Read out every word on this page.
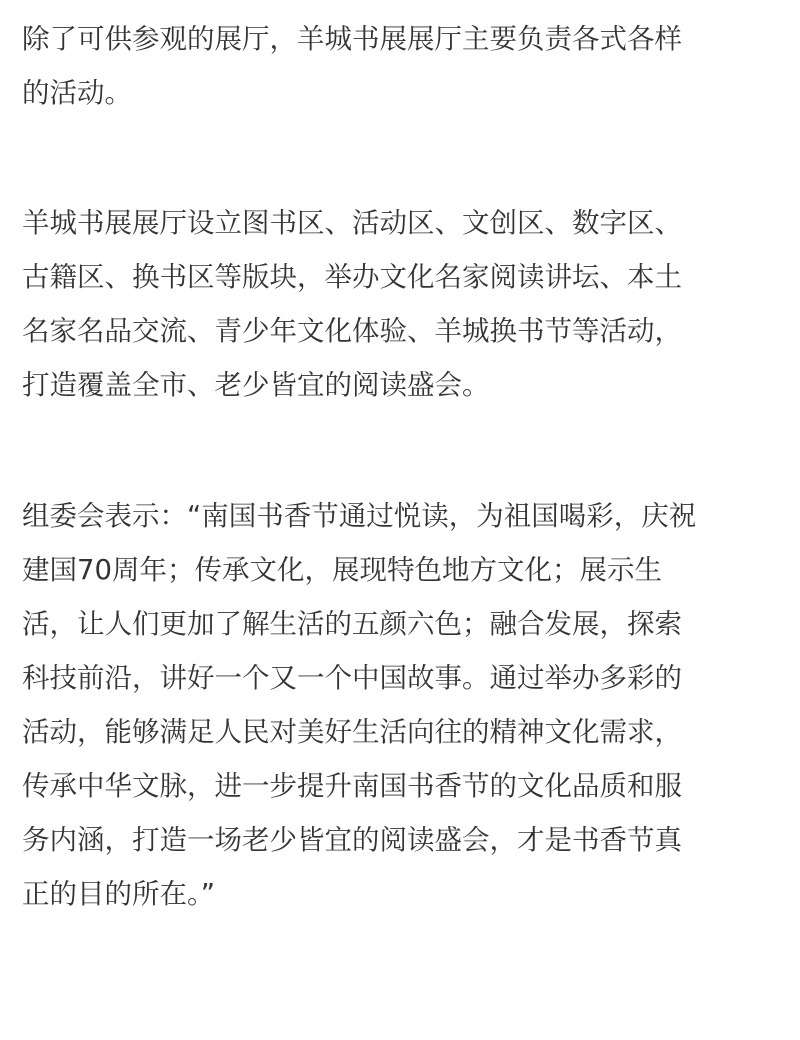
除了可供参观的展厅，羊城书展展厅主要负责各式各样
的活动。
羊城书展展厅设立图书区、活动区、文创区、数字区、
古籍区、换书区等版块，举办文化名家阅读讲坛、本土
名家名品交流、青少年文化体验、羊城换书节等活动，
打造覆盖全市、老少皆宜的阅读盛会。
组委会表示：“南国书香节通过悦读，为祖国喝彩，庆祝
建国70周年；传承文化，展现特色地方文化；展示生
活，让人们更加了解生活的五颜六色；融合发展，探索
科技前沿，讲好一个又一个中国故事。通过举办多彩的
活动，能够满足人民对美好生活向往的精神文化需求，
传承中华文脉，进一步提升南国书香节的文化品质和服
务内涵，打造一场老少皆宜的阅读盛会，才是书香节真
正的目的所在。”
